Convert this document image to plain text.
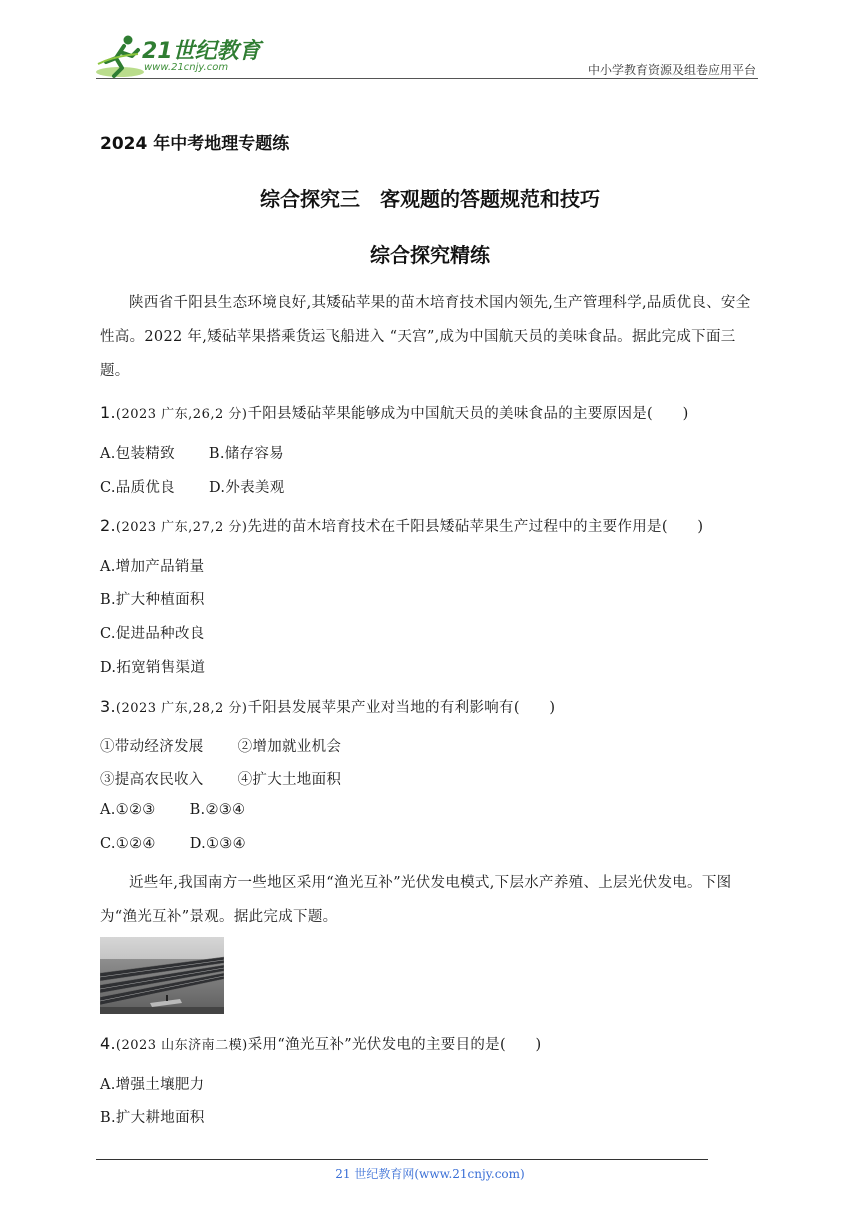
21世纪教育
www.21cnjy.com	中小学教育资源及组卷应用平台
2024 年中考地理专题练
综合探究三　客观题的答题规范和技巧
综合探究精练
陕西省千阳县生态环境良好,其矮砧苹果的苗木培育技术国内领先,生产管理科学,品质优良、安全性高。2022 年,矮砧苹果搭乘货运飞船进入 “天宫”,成为中国航天员的美味食品。据此完成下面三题。
1.(2023 广东,26,2 分)千阳县矮砧苹果能够成为中国航天员的美味食品的主要原因是(　　)
A.包装精致 B.储存容易
C.品质优良 D.外表美观
2.(2023 广东,27,2 分)先进的苗木培育技术在千阳县矮砧苹果生产过程中的主要作用是(　　)
A.增加产品销量
B.扩大种植面积
C.促进品种改良
D.拓宽销售渠道
3.(2023 广东,28,2 分)千阳县发展苹果产业对当地的有利影响有(　　)
①带动经济发展 ②增加就业机会
③提高农民收入 ④扩大土地面积
A.①②③ B.②③④
C.①②④ D.①③④
近些年,我国南方一些地区采用“渔光互补”光伏发电模式,下层水产养殖、上层光伏发电。下图为“渔光互补”景观。据此完成下题。
4.(2023 山东济南二模)采用“渔光互补”光伏发电的主要目的是(　　)
A.增强土壤肥力
B.扩大耕地面积
21 世纪教育网(www.21cnjy.com)
